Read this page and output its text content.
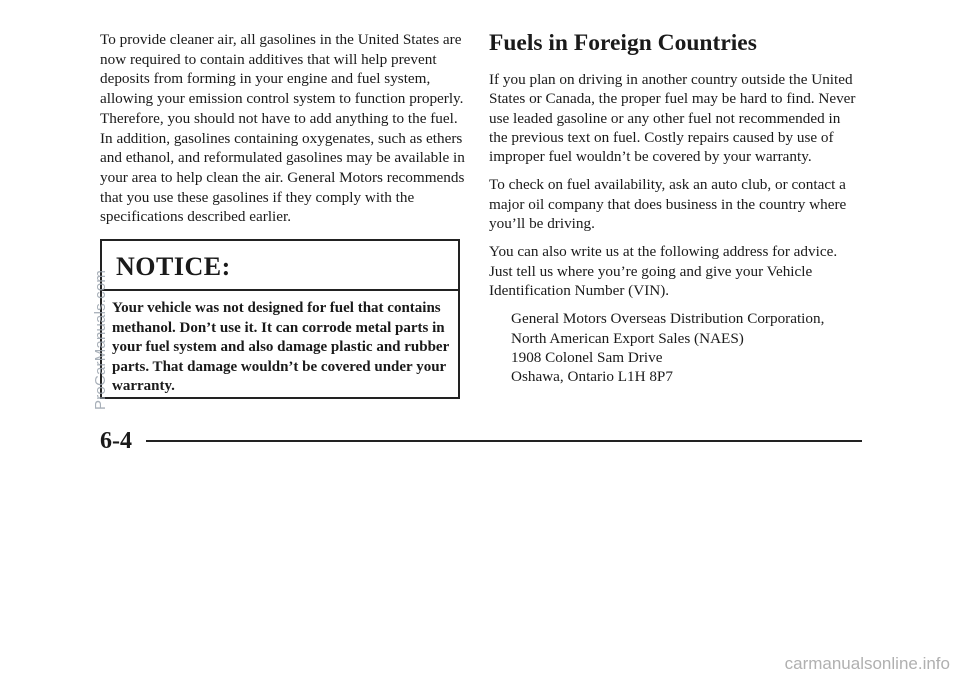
To provide cleaner air, all gasolines in the United States are now required to contain additives that will help prevent deposits from forming in your engine and fuel system, allowing your emission control system to function properly. Therefore, you should not have to add anything to the fuel. In addition, gasolines containing oxygenates, such as ethers and ethanol, and reformulated gasolines may be available in your area to help clean the air. General Motors recommends that you use these gasolines if they comply with the specifications described earlier.

NOTICE:

Your vehicle was not designed for fuel that contains methanol. Don’t use it. It can corrode metal parts in your fuel system and also damage plastic and rubber parts. That damage wouldn’t be covered under your warranty.

Fuels in Foreign Countries

If you plan on driving in another country outside the United States or Canada, the proper fuel may be hard to find. Never use leaded gasoline or any other fuel not recommended in the previous text on fuel. Costly repairs caused by use of improper fuel wouldn’t be covered by your warranty.

To check on fuel availability, ask an auto club, or contact a major oil company that does business in the country where you’ll be driving.

You can also write us at the following address for advice. Just tell us where you’re going and give your Vehicle Identification Number (VIN).

General Motors Overseas Distribution Corporation,
North American Export Sales (NAES)
1908 Colonel Sam Drive
Oshawa, Ontario L1H 8P7
6-4
ProCarManuals.com
carmanualsonline.info
